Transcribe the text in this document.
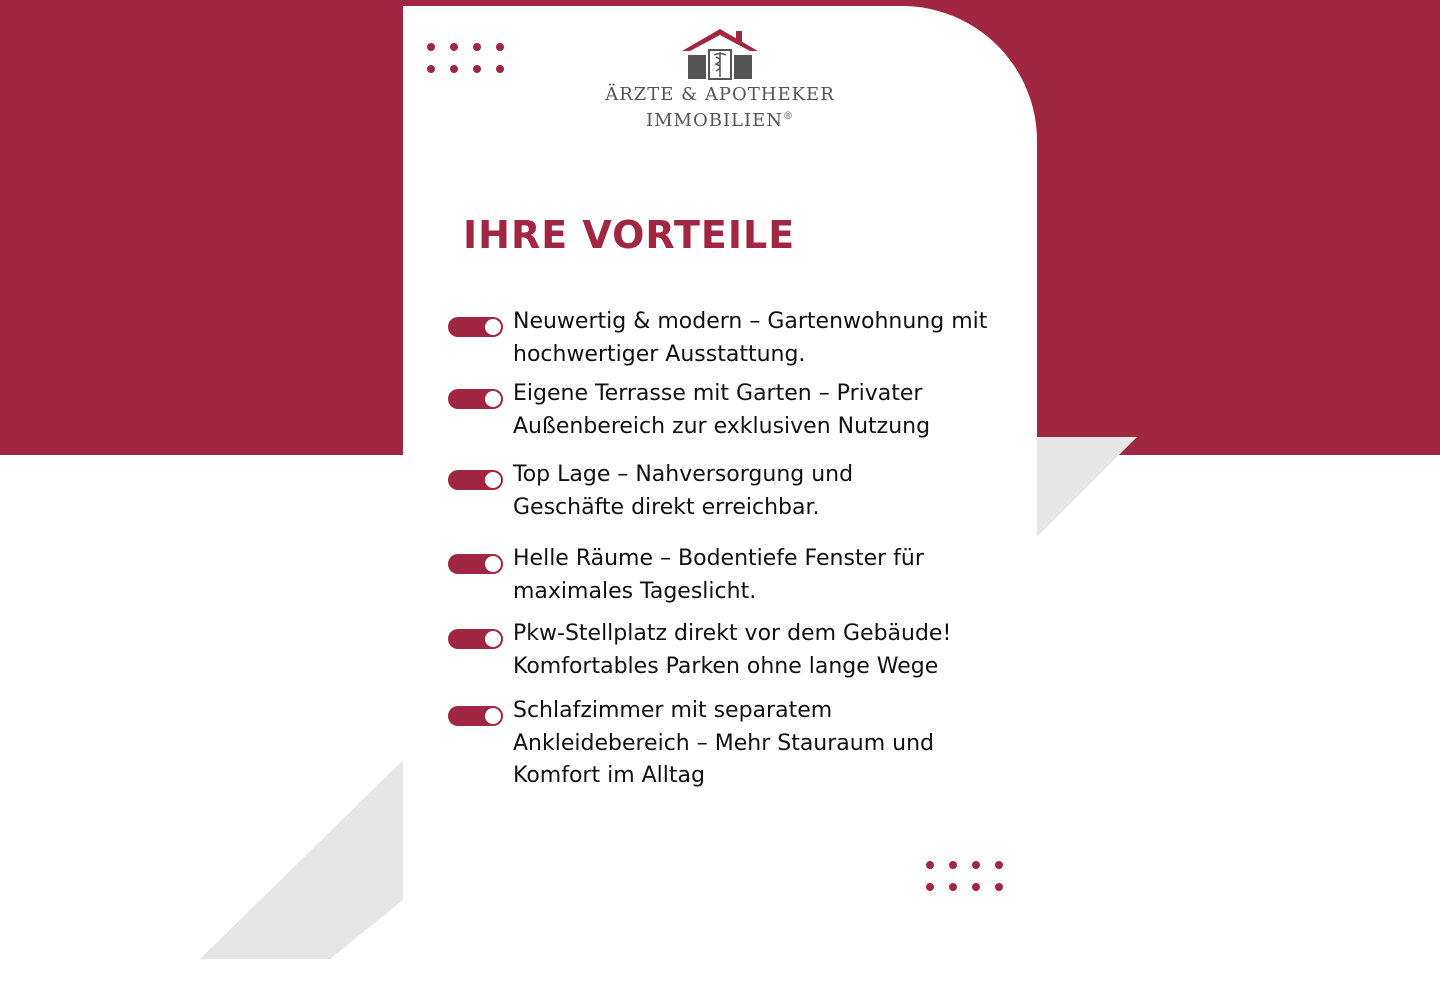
ÄRZTE & APOTHEKER
IMMOBILIEN®
IHRE VORTEILE
Neuwertig & modern – Gartenwohnung mit
hochwertiger Ausstattung.
Eigene Terrasse mit Garten – Privater
Außenbereich zur exklusiven Nutzung
Top Lage – Nahversorgung und
Geschäfte direkt erreichbar.
Helle Räume – Bodentiefe Fenster für
maximales Tageslicht.
Pkw-Stellplatz direkt vor dem Gebäude!
Komfortables Parken ohne lange Wege
Schlafzimmer mit separatem
Ankleidebereich – Mehr Stauraum und
Komfort im Alltag
